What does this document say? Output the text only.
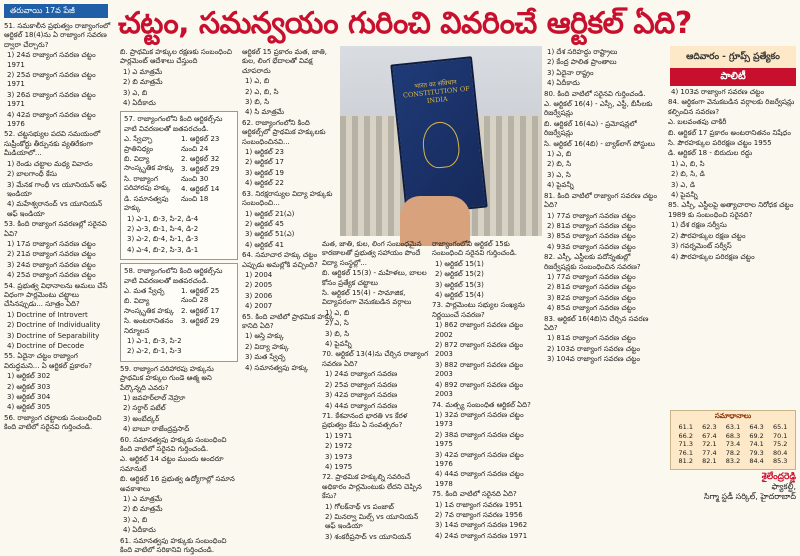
తరువాయి 17వ పేజీ	చట్టం, సమన్వయం గురించి వివరించే ఆర్టికల్ ఏది?

51. సమకాలీన ప్రభుత్వం రాజ్యాంగంలో ఆర్టికల్ 18(4)ను ఏ రాజ్యాంగ సవరణ ద్వారా చేర్చారు?

1) 24వ రాజ్యాంగ సవరణ చట్టం 1971

2) 25వ రాజ్యాంగ సవరణ చట్టం 1971

3) 26వ రాజ్యాంగ సవరణ చట్టం 1971

4) 42వ రాజ్యాంగ సవరణ చట్టం 1976

52. చట్టసభ్యుల పదవి సమయంలో సుప్రీంకోర్టు తీర్పునకు వ్యతిరేకంగా మీడియాలో...

1) రెండు చట్టాల మధ్య వివాదం

2) బాలగాంధీ కేసు

3) మేనక గాంధీ vs యూనియన్ ఆఫ్ ఇండియా

4) మహేశ్వరానంద్ vs యూనియన్ ఆఫ్ ఇండియా

53. కింది రాజ్యాంగ సవరణల్లో సరైనవి ఏవి?

1) 17వ రాజ్యాంగ సవరణ చట్టం

2) 21వ రాజ్యాంగ సవరణ చట్టం

3) 24వ రాజ్యాంగ సవరణ చట్టం

4) 25వ రాజ్యాంగ సవరణ చట్టం

54. ప్రభుత్వ విధానాలను అమలు చేసే విధంగా పార్లమెంటు చట్టాలు చేసినప్పుడు... సూత్రం ఏది?

1) Doctrine of Introvert

2) Doctrine of Individuality

3) Doctrine of Separability

4) Doctrine of Decode

55. ఏదైనా చట్టం రాజ్యాంగ విరుద్ధమని... ఏ ఆర్టికల్ ప్రకారం?

1) ఆర్టికల్ 302

2) ఆర్టికల్ 303

3) ఆర్టికల్ 304

4) ఆర్టికల్ 305

56. రాజ్యాంగ చట్టాలకు సంబంధించి కింది వాటిలో సరైనవి గుర్తించండి.

బి. ప్రాథమిక హక్కుల రక్షణకు సంబంధించి పార్లమెంట్ ఆదేశాలు చేస్తుంది

1) ఎ మాత్రమే

2) బి మాత్రమే

3) ఎ, బి

4) ఏదీకాదు

57. రాజ్యాంగంలోని కింది ఆర్టికల్స్‌ను వాటి వివరణలతో జతపరచండి.

ఎ. స్వేచ్ఛా ప్రాతినిధ్యం

బి. విద్యా సాంస్కృతిక హక్కు

సి. రాజ్యాంగ పరిహారపు హక్కు

డి. సమానత్వపు హక్కు

1. ఆర్టికల్ 23 నుంచి 24

2. ఆర్టికల్ 32

3. ఆర్టికల్ 29 నుంచి 30

4. ఆర్టికల్ 14 నుంచి 18

1) ఎ-1, బి-3, సి-2, డి-4

2) ఎ-3, బి-1, సి-4, డి-2

3) ఎ-2, బి-4, సి-1, డి-3

4) ఎ-4, బి-2, సి-3, డి-1

58. రాజ్యాంగంలోని కింది ఆర్టికల్స్‌ను వాటి వివరణలతో జతపరచండి.

ఎ. మత స్వేచ్ఛ

బి. విద్యా సాంస్కృతిక హక్కు

సి. అంటరానితనం నిర్మూలన

1. ఆర్టికల్ 25 నుంచి 28

2. ఆర్టికల్ 17

3. ఆర్టికల్ 29

1) ఎ-1, బి-3, సి-2

2) ఎ-2, బి-1, సి-3

59. రాజ్యాంగ పరిహారపు హక్కును ప్రాథమిక హక్కుల గుండె ఆత్మ అని పేర్కొన్నది ఎవరు?

1) జవహర్‌లాల్ నెహ్రూ

2) సర్దార్ పటేల్

3) అంబేద్కర్

4) బాబూ రాజేంద్రప్రసాద్

60. సమానత్వపు హక్కుకు సంబంధించి కింది వాటిలో సరైనవి గుర్తించండి.

ఎ. ఆర్టికల్ 14 చట్టం ముందు అందరూ సమానులే

బి. ఆర్టికల్ 16 ప్రభుత్వ ఉద్యోగాల్లో సమాన అవకాశాలు

1) ఎ మాత్రమే

2) బి మాత్రమే

3) ఎ, బి

4) ఏదీకాదు

61. సమానత్వపు హక్కుకు సంబంధించి కింది వాటిలో సరికానివి గుర్తించండి.

ఆర్టికల్ 15 ప్రకారం మత, జాతి, కుల, లింగ భేదాలతో వివక్ష చూపరాదు

1) ఎ, బి

2) ఎ, బి, సి

3) బి, సి

4) సి మాత్రమే

62. రాజ్యాంగంలోని కింది ఆర్టికల్స్‌లో ప్రాథమిక హక్కులకు సంబంధించినవి...

1) ఆర్టికల్ 23

2) ఆర్టికల్ 17

3) ఆర్టికల్ 19

4) ఆర్టికల్ 22

63. నిరక్షరాస్యుల విద్యా హక్కుకు సంబంధించి...

1) ఆర్టికల్ 21(ఎ)

2) ఆర్టికల్ 45

3) ఆర్టికల్ 51(ఎ)

4) ఆర్టికల్ 41

64. సమాచార హక్కు చట్టం ఎప్పుడు అమల్లోకి వచ్చింది?

1) 2004

2) 2005

3) 2006

4) 2007

65. కింది వాటిలో ప్రాథమిక హక్కు కానిది ఏది?

1) ఆస్తి హక్కు

2) విద్యా హక్కు

3) మత స్వేచ్ఛ

4) సమానత్వపు హక్కు

भारत का संविधान CONSTITUTION OF INDIA

మత, జాతి, కుల, లింగ సంబంధమైన కారణాలతో ప్రభుత్వ సహాయం పొందే విద్యా సంస్థల్లో...

బి. ఆర్టికల్ 15(3) - మహిళలు, బాలల కోసం ప్రత్యేక చట్టాలు

సి. ఆర్టికల్ 15(4) - సామాజిక, విద్యాపరంగా వెనుకబడిన వర్గాలు

1) ఎ, బి

2) ఎ, సి

3) బి, సి

4) పైవన్నీ

70. ఆర్టికల్ 13(4)ను చేర్చిన రాజ్యాంగ సవరణ ఏది?

1) 24వ రాజ్యాంగ సవరణ

2) 25వ రాజ్యాంగ సవరణ

3) 42వ రాజ్యాంగ సవరణ

4) 44వ రాజ్యాంగ సవరణ

71. కేశవానంద భారతి vs కేరళ ప్రభుత్వం కేసు ఏ సంవత్సరం?

1) 1971

2) 1972

3) 1973

4) 1975

72. ప్రాథమిక హక్కుల్ని సవరించే అధికారం పార్లమెంటుకు లేదని చెప్పిన కేసు?

1) గోలక్‌నాథ్ vs పంజాబ్

2) మినర్వా మిల్స్ vs యూనియన్ ఆఫ్ ఇండియా

3) శంకరీప్రసాద్ vs యూనియన్

రాజ్యాంగంలోని ఆర్టికల్ 15కు సంబంధించి సరైనవి గుర్తించండి.

1) ఆర్టికల్ 15(1)

2) ఆర్టికల్ 15(2)

3) ఆర్టికల్ 15(3)

4) ఆర్టికల్ 15(4)

73. పార్లమెంటు సభ్యుల సంఖ్యను నిర్ణయించే సవరణ?

1) 862 రాజ్యాంగ సవరణ చట్టం 2002

2) 872 రాజ్యాంగ సవరణ చట్టం 2003

3) 882 రాజ్యాంగ సవరణ చట్టం 2003

4) 892 రాజ్యాంగ సవరణ చట్టం 2003

74. మత్స్య సంబంధిత ఆర్టికల్ ఏది?

1) 32వ రాజ్యాంగ సవరణ చట్టం 1973

2) 38వ రాజ్యాంగ సవరణ చట్టం 1975

3) 42వ రాజ్యాంగ సవరణ చట్టం 1976

4) 44వ రాజ్యాంగ సవరణ చట్టం 1978

75. కింది వాటిలో సరైనది ఏది?

1) 1వ రాజ్యాంగ సవరణ 1951

2) 7వ రాజ్యాంగ సవరణ 1956

3) 14వ రాజ్యాంగ సవరణ 1962

4) 24వ రాజ్యాంగ సవరణ 1971

1) దేశ సరిహద్దు రాష్ట్రాలు

2) కేంద్ర పాలిత ప్రాంతాలు

3) ఏదైనా రాష్ట్రం

4) ఏదీకాదు

80. కింది వాటిలో సరైనవి గుర్తించండి.

ఎ. ఆర్టికల్ 16(4) - ఎస్సీ, ఎస్టీ, బీసీలకు రిజర్వేషన్లు

బి. ఆర్టికల్ 16(4ఎ) - ప్రమోషన్లలో రిజర్వేషన్లు

సి. ఆర్టికల్ 16(4బి) - బ్యాక్‌లాగ్ పోస్టులు

1) ఎ, బి

2) బి, సి

3) ఎ, సి

4) పైవన్నీ

81. కింది వాటిలో రాజ్యాంగ సవరణ చట్టం ఏది?

1) 77వ రాజ్యాంగ సవరణ చట్టం

2) 81వ రాజ్యాంగ సవరణ చట్టం

3) 85వ రాజ్యాంగ సవరణ చట్టం

4) 93వ రాజ్యాంగ సవరణ చట్టం

82. ఎస్సీ, ఎస్టీలకు పదోన్నతుల్లో రిజర్వేషన్లకు సంబంధించిన సవరణ?

1) 77వ రాజ్యాంగ సవరణ చట్టం

2) 81వ రాజ్యాంగ సవరణ చట్టం

3) 82వ రాజ్యాంగ సవరణ చట్టం

4) 85వ రాజ్యాంగ సవరణ చట్టం

83. ఆర్టికల్ 16(4బి)ని చేర్చిన సవరణ ఏది?

1) 81వ రాజ్యాంగ సవరణ చట్టం

2) 103వ రాజ్యాంగ సవరణ చట్టం

3) 104వ రాజ్యాంగ సవరణ చట్టం

ఆదివారం - గ్రూప్స్ ప్రత్యేకం
పాలిటీ

4) 103వ రాజ్యాంగ సవరణ చట్టం

84. ఆర్థికంగా వెనుకబడిన వర్గాలకు రిజర్వేషన్లు కల్పించిన సవరణ?

ఎ. బలవంతపు చాకిరీ

బి. ఆర్టికల్ 17 ప్రకారం అంటరానితనం నిషేధం

సి. పౌరహక్కుల పరిరక్షణ చట్టం 1955

డి. ఆర్టికల్ 18 - బిరుదుల రద్దు

1) ఎ, బి, సి

2) బి, సి, డి

3) ఎ, డి

4) పైవన్నీ

85. ఎస్సీ, ఎస్టీలపై అత్యాచారాల నిరోధక చట్టం 1989 కు సంబంధించి సరైనది?

1) దేశ రక్షణ సర్వీసు

2) పౌరహక్కుల రక్షణ చట్టం

3) గవర్నమెంట్ సర్వీస్

4) పౌరహక్కుల పరిరక్షణ చట్టం

సమాధానాలు
61.1	62.3	63.1	64.3	65.1
66.2	67.4	68.3	69.2	70.1
71.3	72.1	73.4	74.1	75.2
76.1	77.4	78.2	79.3	80.4
81.2	82.1	83.2	84.4	85.3
శైలేంద్రరెడ్డి
ఫ్యాకల్టీ,
సిగ్మా స్టడీ సర్కిల్, హైదరాబాద్
